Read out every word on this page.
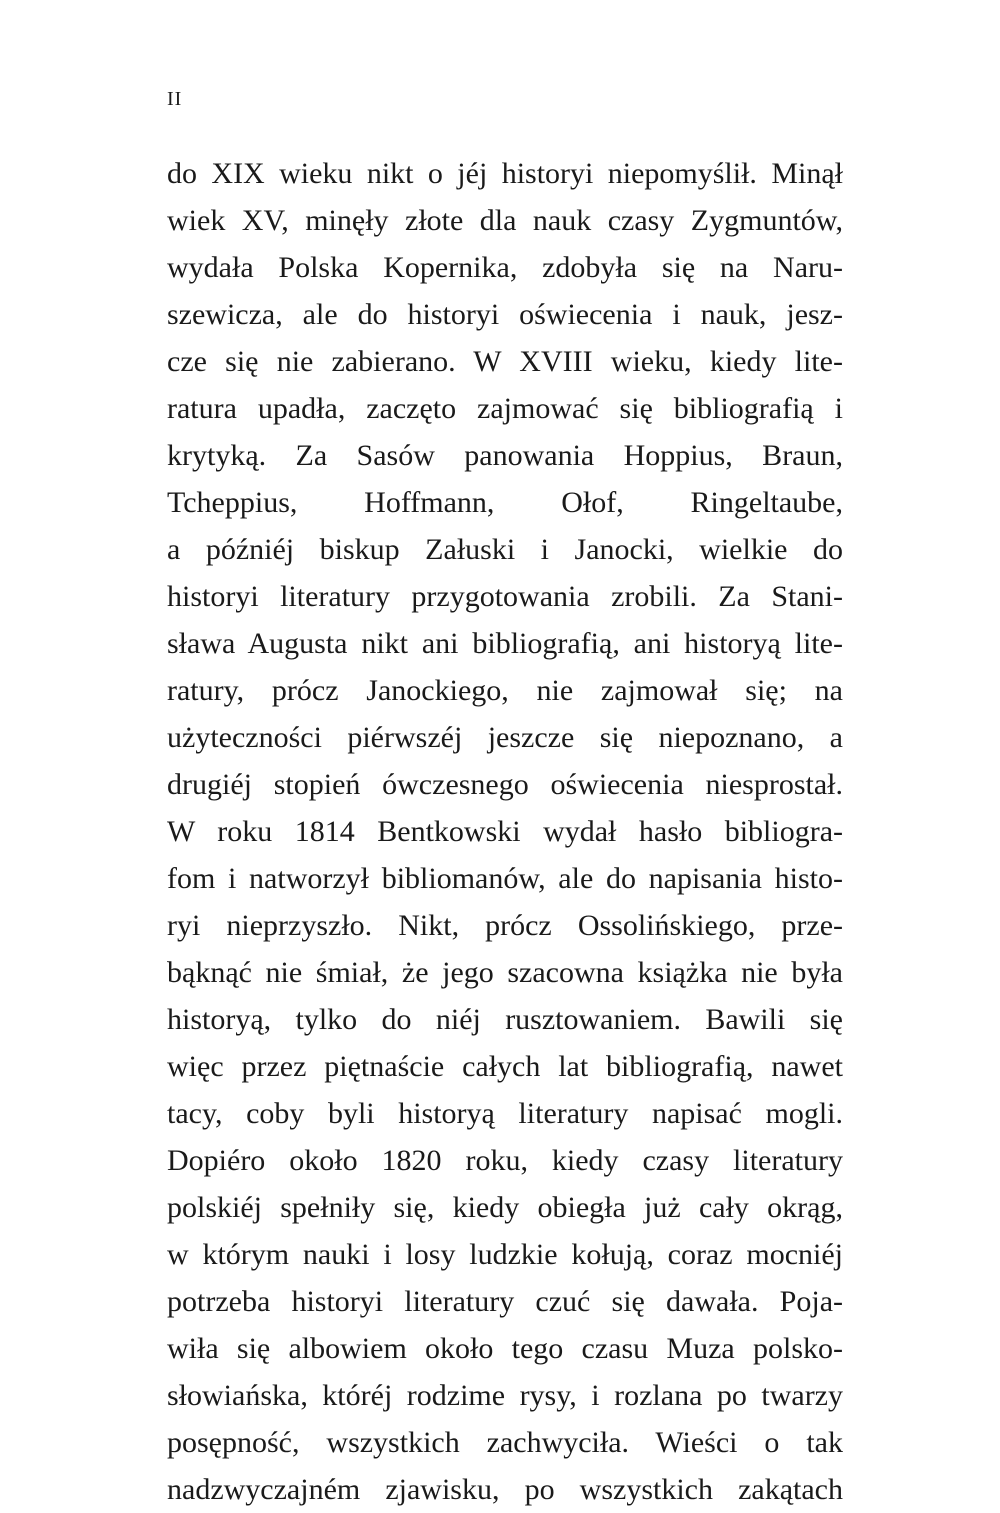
II
do XIX wieku nikt o jéj historyi niepomyślił. Minął
wiek XV, minęły złote dla nauk czasy Zygmuntów,
wydała Polska Kopernika, zdobyła się na Naru-
szewicza, ale do historyi oświecenia i nauk, jesz-
cze się nie zabierano. W XVIII wieku, kiedy lite-
ratura upadła, zaczęto zajmować się bibliografią i
krytyką. Za Sasów panowania Hoppius, Braun,
Tcheppius, Hoffmann, Ołof, Ringeltaube,
a późniéj biskup Załuski i Janocki, wielkie do
historyi literatury przygotowania zrobili. Za Stani-
sława Augusta nikt ani bibliografią, ani historyą lite-
ratury, prócz Janockiego, nie zajmował się; na
użyteczności piérwszéj jeszcze się niepoznano, a
drugiéj stopień ówczesnego oświecenia niesprostał.
W roku 1814 Bentkowski wydał hasło bibliogra-
fom i natworzył bibliomanów, ale do napisania histo-
ryi nieprzyszło. Nikt, prócz Ossolińskiego, prze-
bąknąć nie śmiał, że jego szacowna książka nie była
historyą, tylko do niéj rusztowaniem. Bawili się
więc przez piętnaście całych lat bibliografią, nawet
tacy, coby byli historyą literatury napisać mogli.
Dopiéro około 1820 roku, kiedy czasy literatury
polskiéj spełniły się, kiedy obiegła już cały okrąg,
w którym nauki i losy ludzkie kołują, coraz mocniéj
potrzeba historyi literatury czuć się dawała. Poja-
wiła się albowiem około tego czasu Muza polsko-
słowiańska, któréj rodzime rysy, i rozlana po twarzy
posępność, wszystkich zachwyciła. Wieści o tak
nadzwyczajném zjawisku, po wszystkich zakątach
